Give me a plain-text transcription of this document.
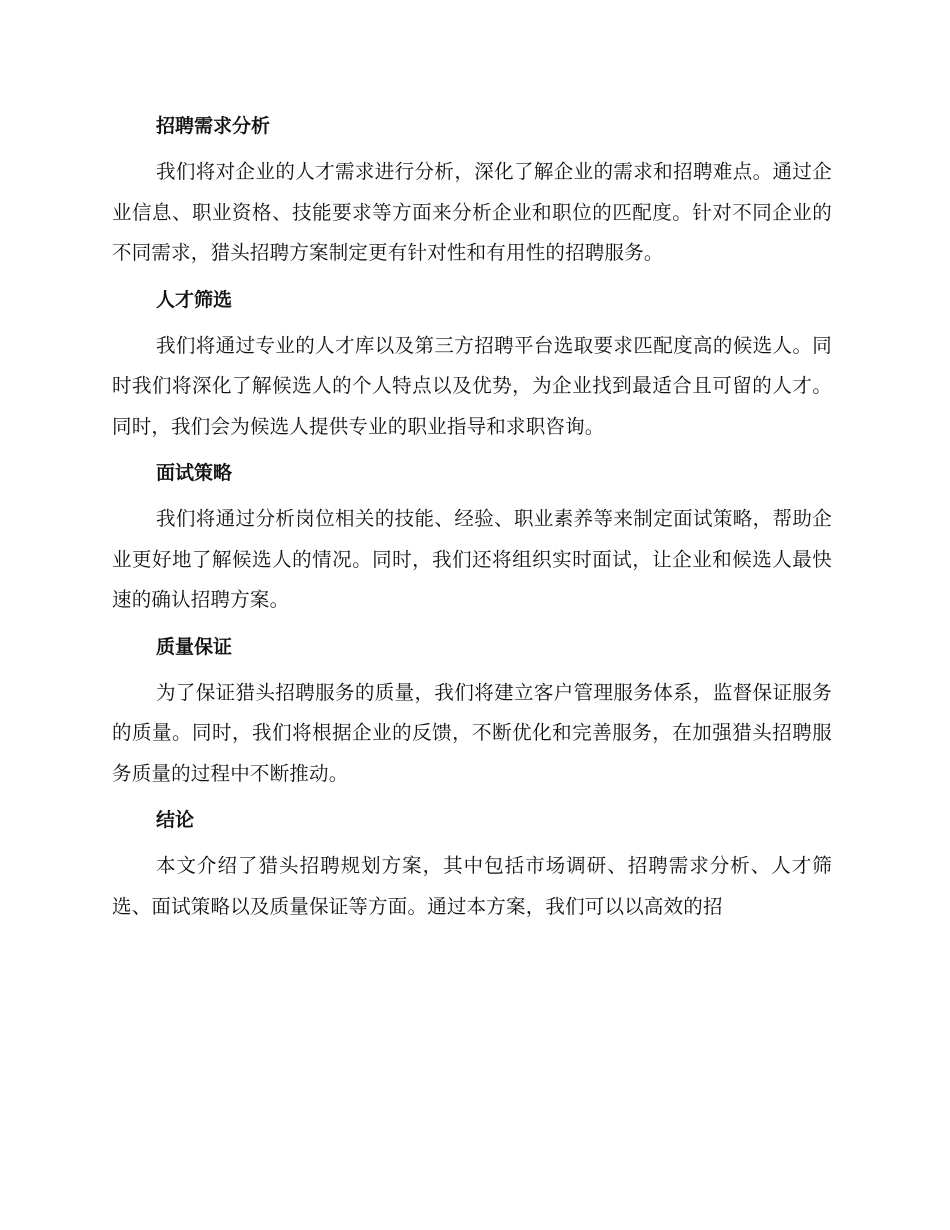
招聘需求分析

我们将对企业的人才需求进行分析，深化了解企业的需求和招聘难点。通过企业信息、职业资格、技能要求等方面来分析企业和职位的匹配度。针对不同企业的不同需求，猎头招聘方案制定更有针对性和有用性的招聘服务。

人才筛选

我们将通过专业的人才库以及第三方招聘平台选取要求匹配度高的候选人。同时我们将深化了解候选人的个人特点以及优势，为企业找到最适合且可留的人才。同时，我们会为候选人提供专业的职业指导和求职咨询。

面试策略

我们将通过分析岗位相关的技能、经验、职业素养等来制定面试策略，帮助企业更好地了解候选人的情况。同时，我们还将组织实时面试，让企业和候选人最快速的确认招聘方案。

质量保证

为了保证猎头招聘服务的质量，我们将建立客户管理服务体系，监督保证服务的质量。同时，我们将根据企业的反馈，不断优化和完善服务，在加强猎头招聘服务质量的过程中不断推动。

结论

本文介绍了猎头招聘规划方案，其中包括市场调研、招聘需求分析、人才筛选、面试策略以及质量保证等方面。通过本方案，我们可以以高效的招
